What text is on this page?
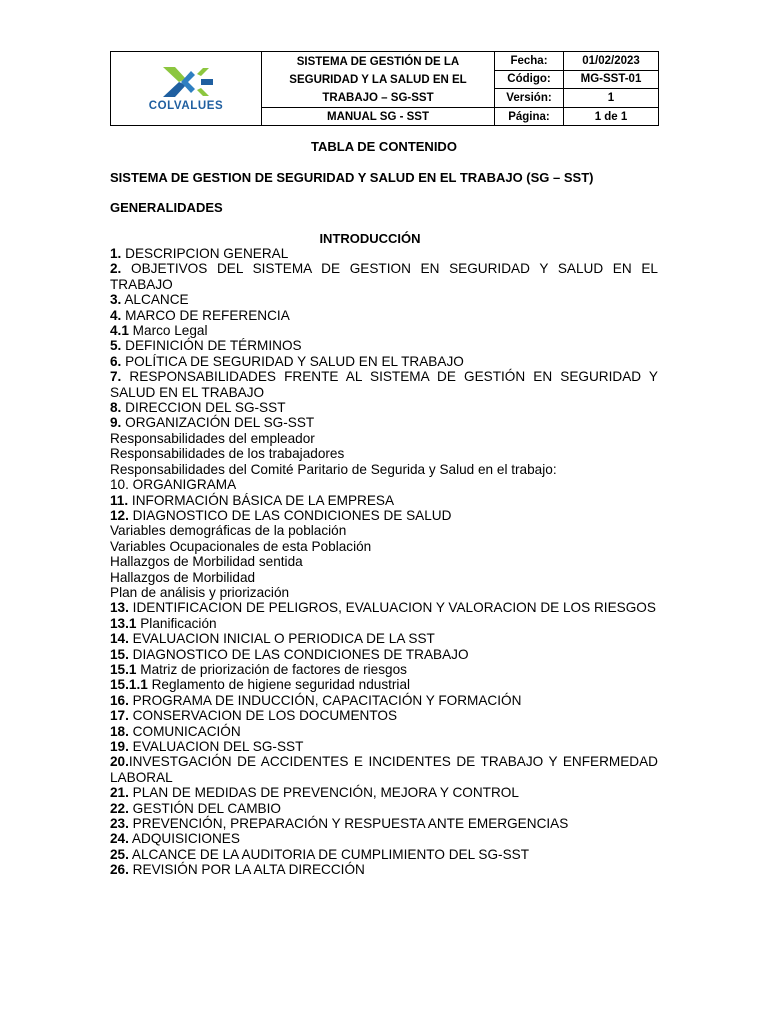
COLVALUES	SISTEMA DE GESTIÓN DE LA
SEGURIDAD Y LA SALUD EN EL
TRABAJO – SG-SST	Fecha:	01/02/2023
		Código:	MG-SST-01
		Versión:	1
	MANUAL SG - SST	Página:	1 de 1
TABLA DE CONTENIDO
SISTEMA DE GESTION DE SEGURIDAD Y SALUD EN EL TRABAJO (SG – SST)
GENERALIDADES
INTRODUCCIÓN
1. DESCRIPCION GENERAL
2. OBJETIVOS DEL SISTEMA DE GESTION EN SEGURIDAD Y SALUD EN EL TRABAJO
3. ALCANCE
4. MARCO DE REFERENCIA
4.1 Marco Legal
5. DEFINICIÓN DE TÉRMINOS
6. POLÍTICA DE SEGURIDAD Y SALUD EN EL TRABAJO
7. RESPONSABILIDADES FRENTE AL SISTEMA DE GESTIÓN EN SEGURIDAD Y SALUD EN EL TRABAJO
8. DIRECCION DEL SG-SST
9. ORGANIZACIÓN DEL SG-SST
Responsabilidades del empleador
Responsabilidades de los trabajadores
Responsabilidades del Comité Paritario de Segurida y Salud en el trabajo:
10. ORGANIGRAMA
11. INFORMACIÓN BÁSICA DE LA EMPRESA
12. DIAGNOSTICO DE LAS CONDICIONES DE SALUD
Variables demográficas de la población
Variables Ocupacionales de esta Población
Hallazgos de Morbilidad sentida
Hallazgos de Morbilidad
Plan de análisis y priorización
13. IDENTIFICACION DE PELIGROS, EVALUACION Y VALORACION DE LOS RIESGOS
13.1 Planificación
14. EVALUACION INICIAL O PERIODICA DE LA SST
15. DIAGNOSTICO DE LAS CONDICIONES DE TRABAJO
15.1 Matriz de priorización de factores de riesgos
15.1.1 Reglamento de higiene seguridad ndustrial
16. PROGRAMA DE INDUCCIÓN, CAPACITACIÓN Y FORMACIÓN
17. CONSERVACION DE LOS DOCUMENTOS
18. COMUNICACIÓN
19. EVALUACION DEL SG-SST
20.INVESTGACIÓN DE ACCIDENTES E INCIDENTES DE TRABAJO Y ENFERMEDAD LABORAL
21. PLAN DE MEDIDAS DE PREVENCIÓN, MEJORA Y CONTROL
22. GESTIÓN DEL CAMBIO
23. PREVENCIÓN, PREPARACIÓN Y RESPUESTA ANTE EMERGENCIAS
24. ADQUISICIONES
25. ALCANCE DE LA AUDITORIA DE CUMPLIMIENTO DEL SG-SST
26. REVISIÓN POR LA ALTA DIRECCIÓN
